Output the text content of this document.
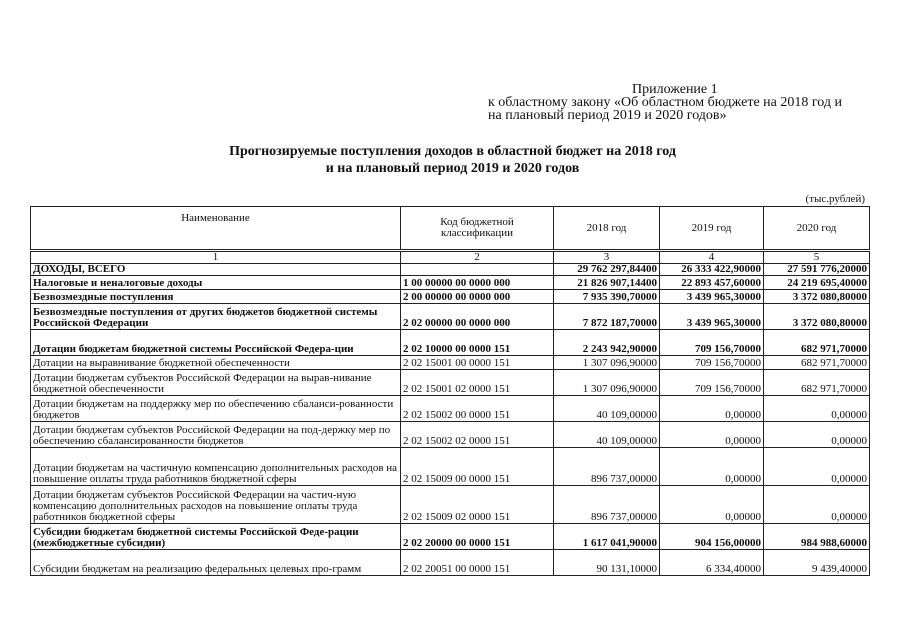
Приложение 1
к областному закону «Об областном бюджете на 2018 год и
на плановый период 2019 и 2020 годов»
Прогнозируемые поступления доходов в областной бюджет на 2018 год
и на плановый период 2019 и 2020 годов
(тыс.рублей)
Наименование	Код бюджетной классификации	2018 год	2019 год	2020 год
1	2	3	4	5
ДОХОДЫ, ВСЕГО		29 762 297,84400	26 333 422,90000	27 591 776,20000
Налоговые и неналоговые доходы	1 00 00000 00 0000 000	21 826 907,14400	22 893 457,60000	24 219 695,40000
Безвозмездные поступления	2 00 00000 00 0000 000	7 935 390,70000	3 439 965,30000	3 372 080,80000
Безвозмездные поступления от других бюджетов бюджетной системы Российской Федерации	2 02 00000 00 0000 000	7 872 187,70000	3 439 965,30000	3 372 080,80000
Дотации бюджетам бюджетной системы Российской Федера-ции	2 02 10000 00 0000 151	2 243 942,90000	709 156,70000	682 971,70000
Дотации на выравнивание бюджетной обеспеченности	2 02 15001 00 0000 151	1 307 096,90000	709 156,70000	682 971,70000
Дотации бюджетам субъектов Российской Федерации на вырав-нивание бюджетной обеспеченности	2 02 15001 02 0000 151	1 307 096,90000	709 156,70000	682 971,70000
Дотации бюджетам на поддержку мер по обеспечению сбаланси-рованности бюджетов	2 02 15002 00 0000 151	40 109,00000	0,00000	0,00000
Дотации бюджетам субъектов Российской Федерации на под-держку мер по обеспечению сбалансированности бюджетов	2 02 15002 02 0000 151	40 109,00000	0,00000	0,00000
Дотации бюджетам на частичную компенсацию дополнительных расходов на повышение оплаты труда работников бюджетной сферы	2 02 15009 00 0000 151	896 737,00000	0,00000	0,00000
Дотации бюджетам субъектов Российской Федерации на частич-ную компенсацию дополнительных расходов на повышение оплаты труда работников бюджетной сферы	2 02 15009 02 0000 151	896 737,00000	0,00000	0,00000
Субсидии бюджетам бюджетной системы Российской Феде-рации (межбюджетные субсидии)	2 02 20000 00 0000 151	1 617 041,90000	904 156,00000	984 988,60000
Субсидии бюджетам на реализацию федеральных целевых про-грамм	2 02 20051 00 0000 151	90 131,10000	6 334,40000	9 439,40000
